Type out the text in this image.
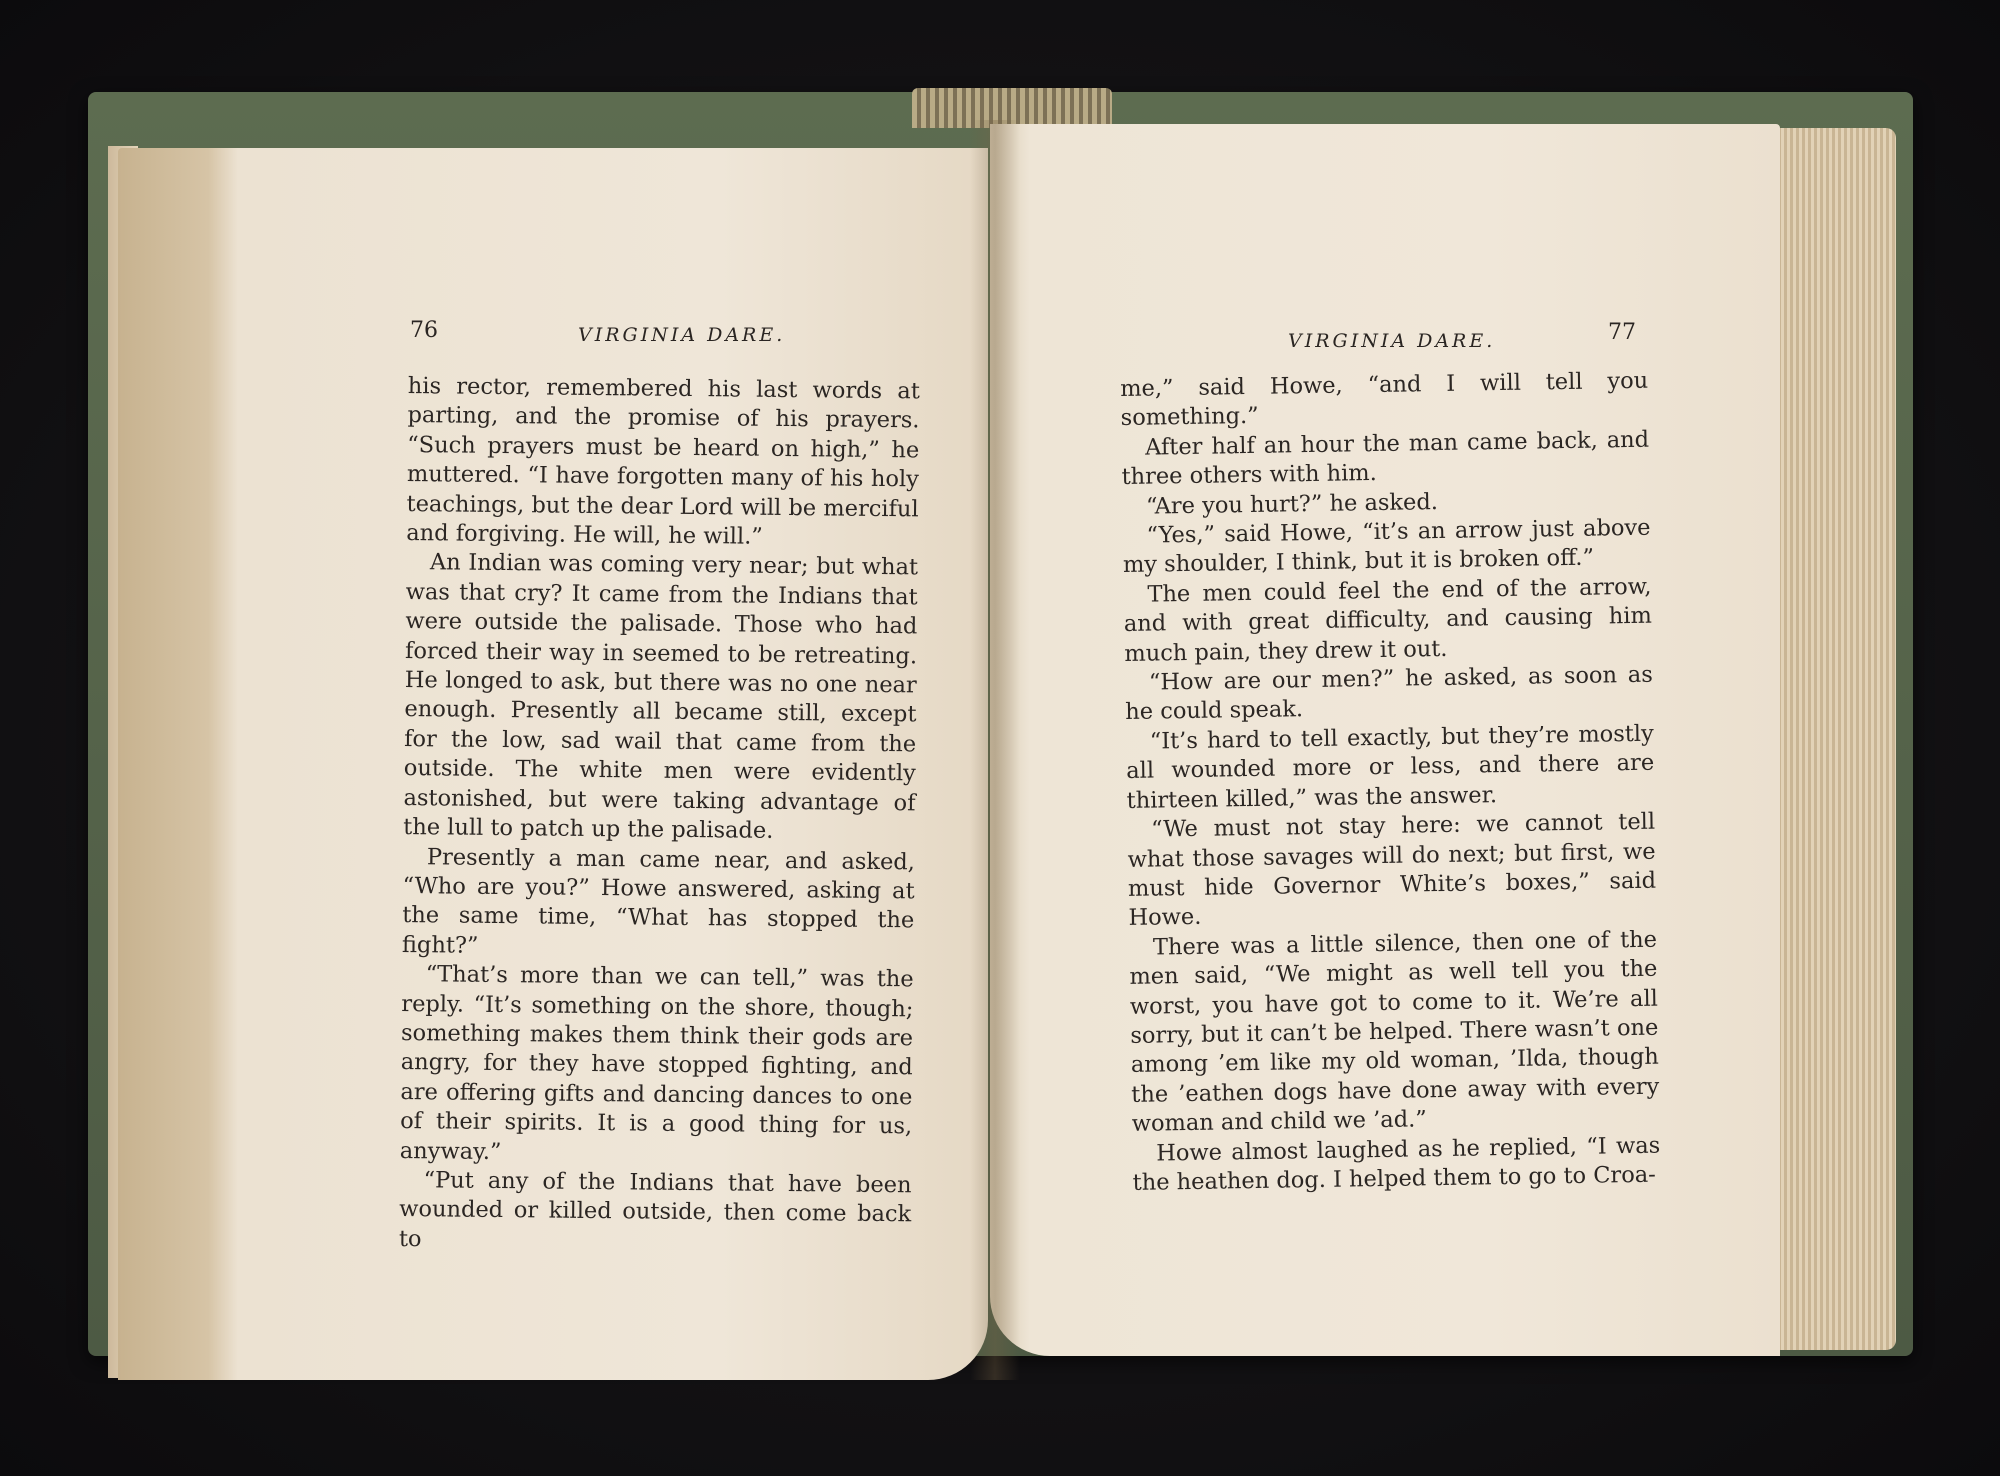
76	VIRGINIA DARE.	VIRGINIA DARE.	77

his rector, remembered his last words at parting, and the promise of his prayers. “Such prayers must be heard on high,” he muttered. “I have forgotten many of his holy teachings, but the dear Lord will be merciful and forgiving. He will, he will.”

An Indian was coming very near; but what was that cry? It came from the Indians that were outside the palisade. Those who had forced their way in seemed to be retreating. He longed to ask, but there was no one near enough. Presently all became still, except for the low, sad wail that came from the outside. The white men were evidently astonished, but were taking advantage of the lull to patch up the palisade.

Presently a man came near, and asked, “Who are you?” Howe answered, asking at the same time, “What has stopped the fight?”

“That’s more than we can tell,” was the reply. “It’s something on the shore, though; something makes them think their gods are angry, for they have stopped fighting, and are offering gifts and dancing dances to one of their spirits. It is a good thing for us, anyway.”

“Put any of the Indians that have been wounded or killed outside, then come back to

me,” said Howe, “and I will tell you something.”

After half an hour the man came back, and three others with him.

“Are you hurt?” he asked.

“Yes,” said Howe, “it’s an arrow just above my shoulder, I think, but it is broken off.”

The men could feel the end of the arrow, and with great difficulty, and causing him much pain, they drew it out.

“How are our men?” he asked, as soon as he could speak.

“It’s hard to tell exactly, but they’re mostly all wounded more or less, and there are thirteen killed,” was the answer.

“We must not stay here: we cannot tell what those savages will do next; but first, we must hide Governor White’s boxes,” said Howe.

There was a little silence, then one of the men said, “We might as well tell you the worst, you have got to come to it. We’re all sorry, but it can’t be helped. There wasn’t one among ’em like my old woman, ’Ilda, though the ’eathen dogs have done away with every woman and child we ’ad.”

Howe almost laughed as he replied, “I was the heathen dog. I helped them to go to Croa-
